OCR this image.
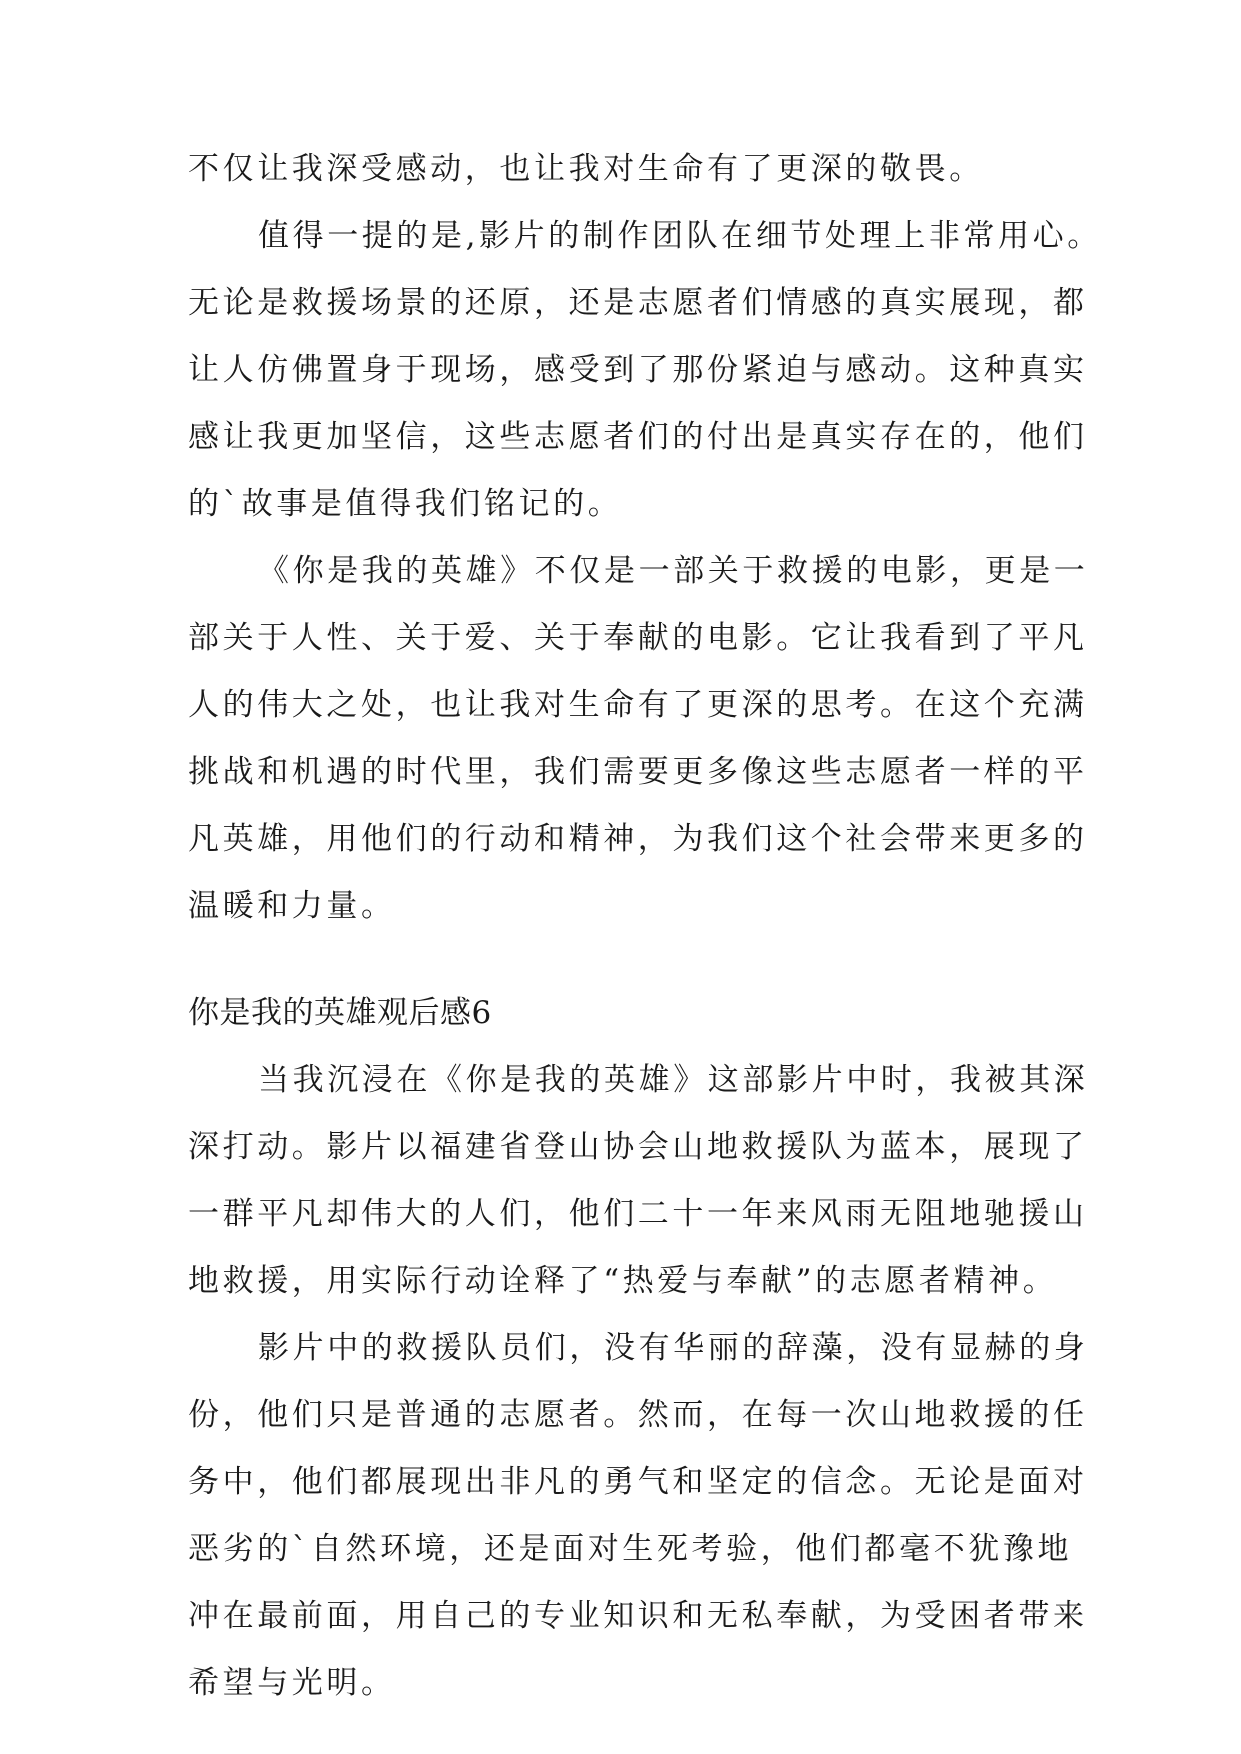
不仅让我深受感动，也让我对生命有了更深的敬畏。
值得一提的是,影片的制作团队在细节处理上非常用心。
无论是救援场景的还原，还是志愿者们情感的真实展现，都
让人仿佛置身于现场，感受到了那份紧迫与感动。这种真实
感让我更加坚信，这些志愿者们的付出是真实存在的，他们
的`故事是值得我们铭记的。
《你是我的英雄》不仅是一部关于救援的电影，更是一
部关于人性、关于爱、关于奉献的电影。它让我看到了平凡
人的伟大之处，也让我对生命有了更深的思考。在这个充满
挑战和机遇的时代里，我们需要更多像这些志愿者一样的平
凡英雄，用他们的行动和精神，为我们这个社会带来更多的
温暖和力量。
你是我的英雄观后感6
当我沉浸在《你是我的英雄》这部影片中时，我被其深
深打动。影片以福建省登山协会山地救援队为蓝本，展现了
一群平凡却伟大的人们，他们二十一年来风雨无阻地驰援山
地救援，用实际行动诠释了“热爱与奉献”的志愿者精神。
影片中的救援队员们，没有华丽的辞藻，没有显赫的身
份，他们只是普通的志愿者。然而，在每一次山地救援的任
务中，他们都展现出非凡的勇气和坚定的信念。无论是面对
恶劣的`自然环境，还是面对生死考验，他们都毫不犹豫地
冲在最前面，用自己的专业知识和无私奉献，为受困者带来
希望与光明。
